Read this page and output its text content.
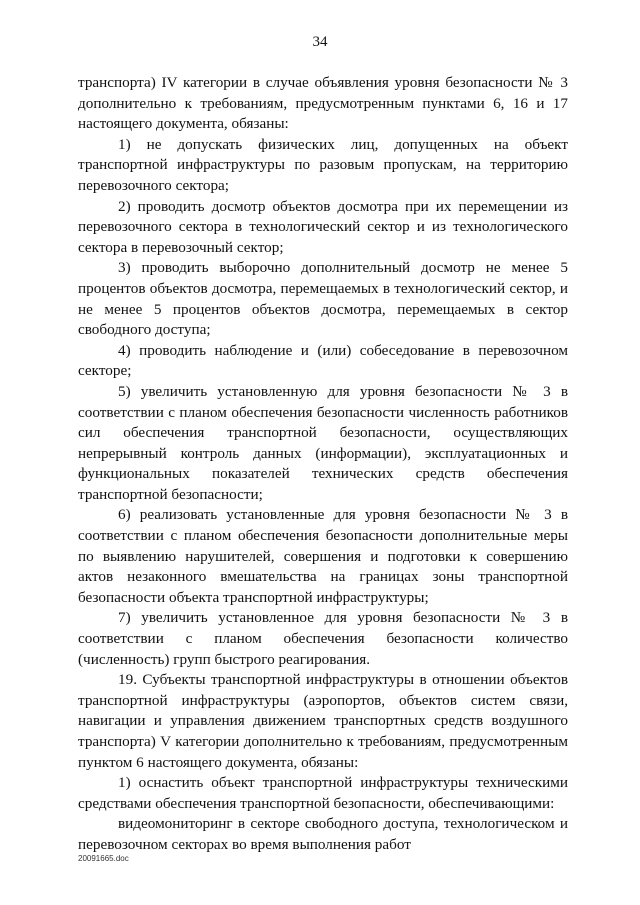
34

транспорта) IV категории в случае объявления уровня безопасности № 3 дополнительно к требованиям, предусмотренным пунктами 6, 16 и 17 настоящего документа, обязаны:

1) не допускать физических лиц, допущенных на объект транспортной инфраструктуры по разовым пропускам, на территорию перевозочного сектора;

2) проводить досмотр объектов досмотра при их перемещении из перевозочного сектора в технологический сектор и из технологического сектора в перевозочный сектор;

3) проводить выборочно дополнительный досмотр не менее 5 процентов объектов досмотра, перемещаемых в технологический сектор, и не менее 5 процентов объектов досмотра, перемещаемых в сектор свободного доступа;

4) проводить наблюдение и (или) собеседование в перевозочном секторе;

5) увеличить установленную для уровня безопасности № 3 в соответствии с планом обеспечения безопасности численность работников сил обеспечения транспортной безопасности, осуществляющих непрерывный контроль данных (информации), эксплуатационных и функциональных показателей технических средств обеспечения транспортной безопасности;

6) реализовать установленные для уровня безопасности № 3 в соответствии с планом обеспечения безопасности дополнительные меры по выявлению нарушителей, совершения и подготовки к совершению актов незаконного вмешательства на границах зоны транспортной безопасности объекта транспортной инфраструктуры;

7) увеличить установленное для уровня безопасности № 3 в соответствии с планом обеспечения безопасности количество (численность) групп быстрого реагирования.

19. Субъекты транспортной инфраструктуры в отношении объектов транспортной инфраструктуры (аэропортов, объектов систем связи, навигации и управления движением транспортных средств воздушного транспорта) V категории дополнительно к требованиям, предусмотренным пунктом 6 настоящего документа, обязаны:

1) оснастить объект транспортной инфраструктуры техническими средствами обеспечения транспортной безопасности, обеспечивающими:

видеомониторинг в секторе свободного доступа, технологическом и перевозочном секторах во время выполнения работ

20091665.doc
